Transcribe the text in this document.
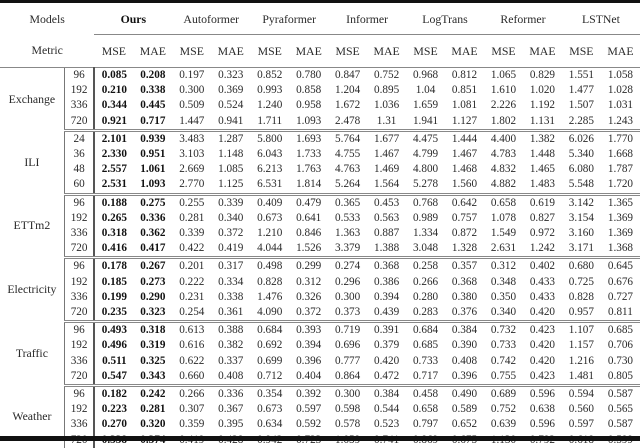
Models		Ours		Autoformer		Pyraformer		Informer		LogTrans		Reformer		LSTNet	
Metric		MSE	MAE	MSE	MAE	MSE	MAE	MSE	MAE	MSE	MAE	MSE	MAE	MSE	MAE
Exchange	96	0.085	0.208	0.197	0.323	0.852	0.780	0.847	0.752	0.968	0.812	1.065	0.829	1.551	1.058
	192	0.210	0.338	0.300	0.369	0.993	0.858	1.204	0.895	1.04	0.851	1.610	1.020	1.477	1.028
	336	0.344	0.445	0.509	0.524	1.240	0.958	1.672	1.036	1.659	1.081	2.226	1.192	1.507	1.031
	720	0.921	0.717	1.447	0.941	1.711	1.093	2.478	1.31	1.941	1.127	1.802	1.131	2.285	1.243
ILI	24	2.101	0.939	3.483	1.287	5.800	1.693	5.764	1.677	4.475	1.444	4.400	1.382	6.026	1.770
	36	2.330	0.951	3.103	1.148	6.043	1.733	4.755	1.467	4.799	1.467	4.783	1.448	5.340	1.668
	48	2.557	1.061	2.669	1.085	6.213	1.763	4.763	1.469	4.800	1.468	4.832	1.465	6.080	1.787
	60	2.531	1.093	2.770	1.125	6.531	1.814	5.264	1.564	5.278	1.560	4.882	1.483	5.548	1.720
ETTm2	96	0.188	0.275	0.255	0.339	0.409	0.479	0.365	0.453	0.768	0.642	0.658	0.619	3.142	1.365
	192	0.265	0.336	0.281	0.340	0.673	0.641	0.533	0.563	0.989	0.757	1.078	0.827	3.154	1.369
	336	0.318	0.362	0.339	0.372	1.210	0.846	1.363	0.887	1.334	0.872	1.549	0.972	3.160	1.369
	720	0.416	0.417	0.422	0.419	4.044	1.526	3.379	1.388	3.048	1.328	2.631	1.242	3.171	1.368
Electricity	96	0.178	0.267	0.201	0.317	0.498	0.299	0.274	0.368	0.258	0.357	0.312	0.402	0.680	0.645
	192	0.185	0.273	0.222	0.334	0.828	0.312	0.296	0.386	0.266	0.368	0.348	0.433	0.725	0.676
	336	0.199	0.290	0.231	0.338	1.476	0.326	0.300	0.394	0.280	0.380	0.350	0.433	0.828	0.727
	720	0.235	0.323	0.254	0.361	4.090	0.372	0.373	0.439	0.283	0.376	0.340	0.420	0.957	0.811
Traffic	96	0.493	0.318	0.613	0.388	0.684	0.393	0.719	0.391	0.684	0.384	0.732	0.423	1.107	0.685
	192	0.496	0.319	0.616	0.382	0.692	0.394	0.696	0.379	0.685	0.390	0.733	0.420	1.157	0.706
	336	0.511	0.325	0.622	0.337	0.699	0.396	0.777	0.420	0.733	0.408	0.742	0.420	1.216	0.730
	720	0.547	0.343	0.660	0.408	0.712	0.404	0.864	0.472	0.717	0.396	0.755	0.423	1.481	0.805
Weather	96	0.182	0.242	0.266	0.336	0.354	0.392	0.300	0.384	0.458	0.490	0.689	0.596	0.594	0.587
	192	0.223	0.281	0.307	0.367	0.673	0.597	0.598	0.544	0.658	0.589	0.752	0.638	0.560	0.565
	336	0.270	0.320	0.359	0.395	0.634	0.592	0.578	0.523	0.797	0.652	0.639	0.596	0.597	0.587
